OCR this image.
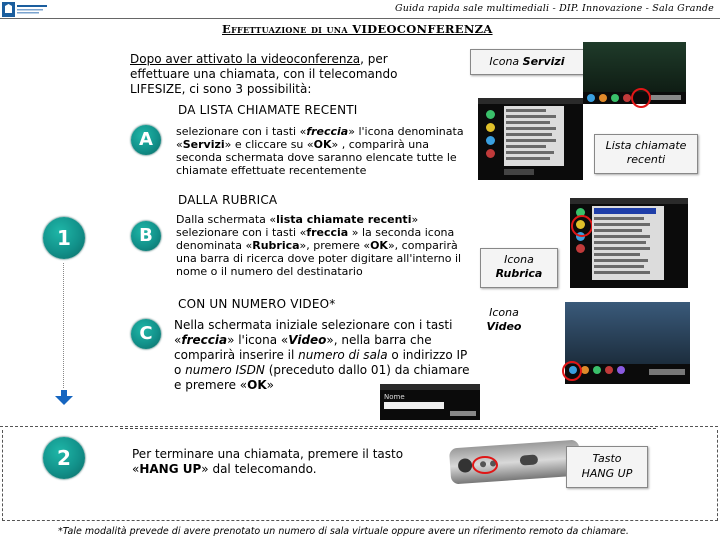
Guida rapida sale multimediali - DIP. Innovazione - Sala Grande
Effettuazione di una VIDEOCONFERENZA
Dopo aver attivato la videoconferenza, per effettuare una chiamata, con il telecomando LIFESIZE, ci sono 3 possibilità:
Icona Servizi
DA LISTA CHIAMATE RECENTI
A	selezionare con i tasti «freccia» l'icona denominata «Servizi» e cliccare su «OK» , comparirà una seconda schermata dove saranno elencate tutte le chiamate effettuate recentemente
Lista chiamate
recenti
DALLA RUBRICA
1	B
Dalla schermata «lista chiamate recenti» selezionare con i tasti «freccia » la seconda icona denominata «Rubrica», premere «OK», comparirà una barra di ricerca dove poter digitare all'interno il nome o il numero del destinatario
Icona
Rubrica
CON UN NUMERO VIDEO*
Icona
Video
C	Nella schermata iniziale selezionare con i tasti «freccia» l'icona «Video», nella barra che comparirà inserire il numero di sala o indirizzo IP o numero ISDN (preceduto dallo 01) da chiamare e premere «OK»
Nome
2	Per terminare una chiamata, premere il tasto «HANG UP» dal telecomando.
Tasto
HANG UP
*Tale modalità prevede di avere prenotato un numero di sala virtuale oppure avere un riferimento remoto da chiamare.
